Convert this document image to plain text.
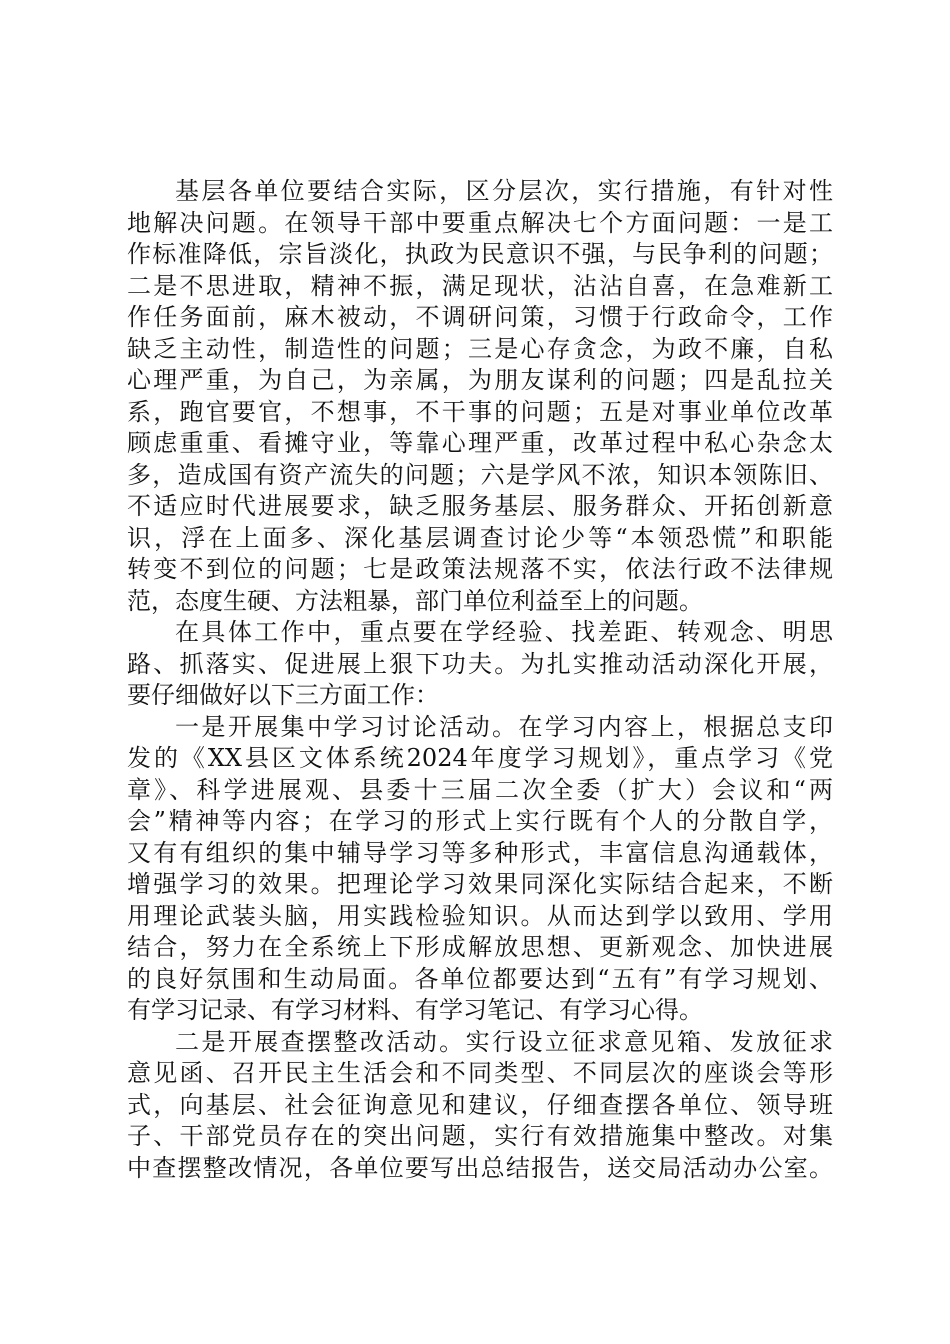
基层各单位要结合实际，区分层次，实行措施，有针对性
地解决问题。在领导干部中要重点解决七个方面问题：一是工
作标准降低，宗旨淡化，执政为民意识不强，与民争利的问题；
二是不思进取，精神不振，满足现状，沾沾自喜，在急难新工
作任务面前，麻木被动，不调研问策，习惯于行政命令，工作
缺乏主动性，制造性的问题；三是心存贪念，为政不廉，自私
心理严重，为自己，为亲属，为朋友谋利的问题；四是乱拉关
系，跑官要官，不想事，不干事的问题；五是对事业单位改革
顾虑重重、看摊守业，等靠心理严重，改革过程中私心杂念太
多，造成国有资产流失的问题；六是学风不浓，知识本领陈旧、
不适应时代进展要求，缺乏服务基层、服务群众、开拓创新意
识，浮在上面多、深化基层调查讨论少等“本领恐慌”和职能
转变不到位的问题；七是政策法规落不实，依法行政不法律规
范，态度生硬、方法粗暴，部门单位利益至上的问题。
在具体工作中，重点要在学经验、找差距、转观念、明思
路、抓落实、促进展上狠下功夫。为扎实推动活动深化开展，
要仔细做好以下三方面工作：
一是开展集中学习讨论活动。在学习内容上，根据总支印
发的《XX县区文体系统2024年度学习规划》，重点学习《党
章》、科学进展观、县委十三届二次全委（扩大）会议和“两
会”精神等内容；在学习的形式上实行既有个人的分散自学，
又有有组织的集中辅导学习等多种形式，丰富信息沟通载体，
增强学习的效果。把理论学习效果同深化实际结合起来，不断
用理论武装头脑，用实践检验知识。从而达到学以致用、学用
结合，努力在全系统上下形成解放思想、更新观念、加快进展
的良好氛围和生动局面。各单位都要达到“五有”有学习规划、
有学习记录、有学习材料、有学习笔记、有学习心得。
二是开展查摆整改活动。实行设立征求意见箱、发放征求
意见函、召开民主生活会和不同类型、不同层次的座谈会等形
式，向基层、社会征询意见和建议，仔细查摆各单位、领导班
子、干部党员存在的突出问题，实行有效措施集中整改。对集
中查摆整改情况，各单位要写出总结报告，送交局活动办公室。
